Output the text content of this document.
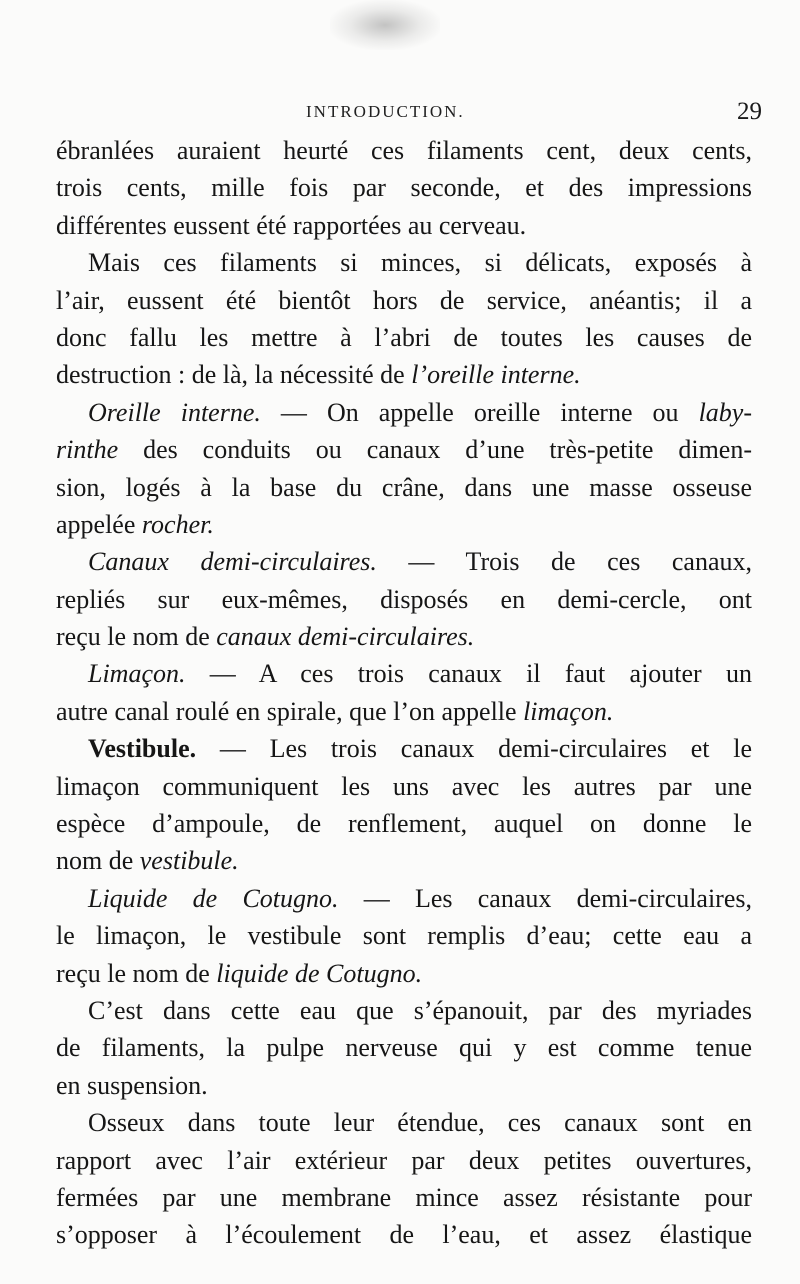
INTRODUCTION.	29
ébranlées auraient heurté ces filaments cent, deux cents,
trois cents, mille fois par seconde, et des impressions
différentes eussent été rapportées au cerveau.
Mais ces filaments si minces, si délicats, exposés à
l’air, eussent été bientôt hors de service, anéantis; il a
donc fallu les mettre à l’abri de toutes les causes de
destruction : de là, la nécessité de l’oreille interne.
Oreille interne. — On appelle oreille interne ou laby-
rinthe des conduits ou canaux d’une très-petite dimen-
sion, logés à la base du crâne, dans une masse osseuse
appelée rocher.
Canaux demi-circulaires. — Trois de ces canaux,
repliés sur eux-mêmes, disposés en demi-cercle, ont
reçu le nom de canaux demi-circulaires.
Limaçon. — A ces trois canaux il faut ajouter un
autre canal roulé en spirale, que l’on appelle limaçon.
Vestibule. — Les trois canaux demi-circulaires et le
limaçon communiquent les uns avec les autres par une
espèce d’ampoule, de renflement, auquel on donne le
nom de vestibule.
Liquide de Cotugno. — Les canaux demi-circulaires,
le limaçon, le vestibule sont remplis d’eau; cette eau a
reçu le nom de liquide de Cotugno.
C’est dans cette eau que s’épanouit, par des myriades
de filaments, la pulpe nerveuse qui y est comme tenue
en suspension.
Osseux dans toute leur étendue, ces canaux sont en
rapport avec l’air extérieur par deux petites ouvertures,
fermées par une membrane mince assez résistante pour
s’opposer à l’écoulement de l’eau, et assez élastique
